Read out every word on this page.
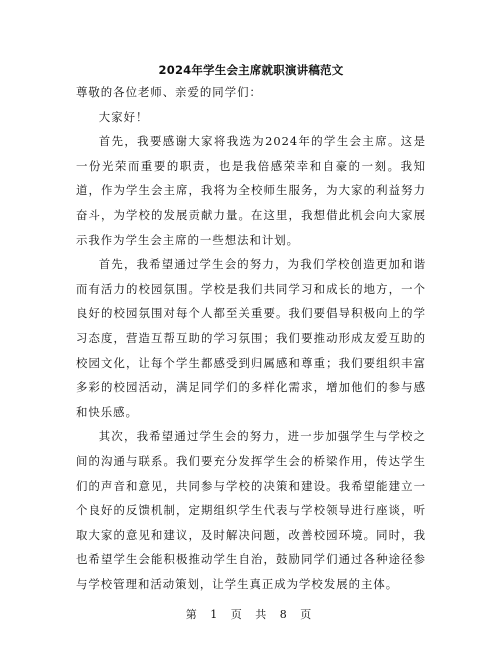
2024年学生会主席就职演讲稿范文

尊敬的各位老师、亲爱的同学们：

大家好！

首先，我要感谢大家将我选为2024年的学生会主席。这是一份光荣而重要的职责，也是我倍感荣幸和自豪的一刻。我知道，作为学生会主席，我将为全校师生服务，为大家的利益努力奋斗，为学校的发展贡献力量。在这里，我想借此机会向大家展示我作为学生会主席的一些想法和计划。

首先，我希望通过学生会的努力，为我们学校创造更加和谐而有活力的校园氛围。学校是我们共同学习和成长的地方，一个良好的校园氛围对每个人都至关重要。我们要倡导积极向上的学习态度，营造互帮互助的学习氛围；我们要推动形成友爱互助的校园文化，让每个学生都感受到归属感和尊重；我们要组织丰富多彩的校园活动，满足同学们的多样化需求，增加他们的参与感和快乐感。

其次，我希望通过学生会的努力，进一步加强学生与学校之间的沟通与联系。我们要充分发挥学生会的桥梁作用，传达学生们的声音和意见，共同参与学校的决策和建设。我希望能建立一个良好的反馈机制，定期组织学生代表与学校领导进行座谈，听取大家的意见和建议，及时解决问题，改善校园环境。同时，我也希望学生会能积极推动学生自治，鼓励同学们通过各种途径参与学校管理和活动策划，让学生真正成为学校发展的主体。

第 1 页 共 8 页
